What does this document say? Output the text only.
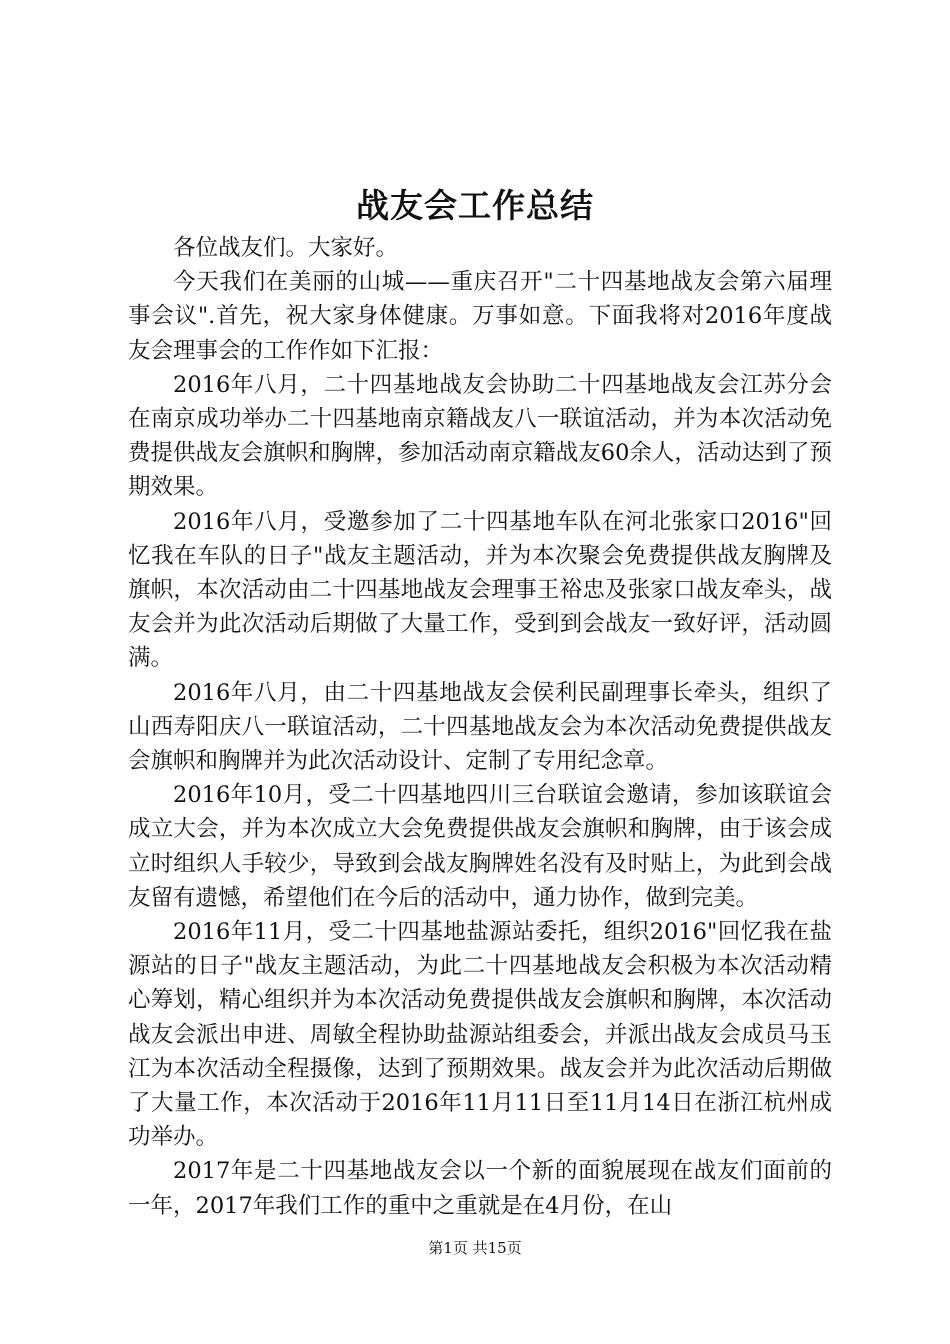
战友会工作总结

各位战友们。大家好。

今天我们在美丽的山城——重庆召开"二十四基地战友会第六届理事会议".首先，祝大家身体健康。万事如意。下面我将对2016年度战友会理事会的工作作如下汇报：

2016年八月，二十四基地战友会协助二十四基地战友会江苏分会在南京成功举办二十四基地南京籍战友八一联谊活动，并为本次活动免费提供战友会旗帜和胸牌，参加活动南京籍战友60余人，活动达到了预期效果。

2016年八月，受邀参加了二十四基地车队在河北张家口2016"回忆我在车队的日子"战友主题活动，并为本次聚会免费提供战友胸牌及旗帜，本次活动由二十四基地战友会理事王裕忠及张家口战友牵头，战友会并为此次活动后期做了大量工作，受到到会战友一致好评，活动圆满。

2016年八月，由二十四基地战友会侯利民副理事长牵头，组织了山西寿阳庆八一联谊活动，二十四基地战友会为本次活动免费提供战友会旗帜和胸牌并为此次活动设计、定制了专用纪念章。

2016年10月，受二十四基地四川三台联谊会邀请，参加该联谊会成立大会，并为本次成立大会免费提供战友会旗帜和胸牌，由于该会成立时组织人手较少，导致到会战友胸牌姓名没有及时贴上，为此到会战友留有遗憾，希望他们在今后的活动中，通力协作，做到完美。

2016年11月，受二十四基地盐源站委托，组织2016"回忆我在盐源站的日子"战友主题活动，为此二十四基地战友会积极为本次活动精心筹划，精心组织并为本次活动免费提供战友会旗帜和胸牌，本次活动战友会派出申进、周敏全程协助盐源站组委会，并派出战友会成员马玉江为本次活动全程摄像，达到了预期效果。战友会并为此次活动后期做了大量工作，本次活动于2016年11月11日至11月14日在浙江杭州成功举办。

2017年是二十四基地战友会以一个新的面貌展现在战友们面前的一年，2017年我们工作的重中之重就是在4月份，在山

第1页 共15页
